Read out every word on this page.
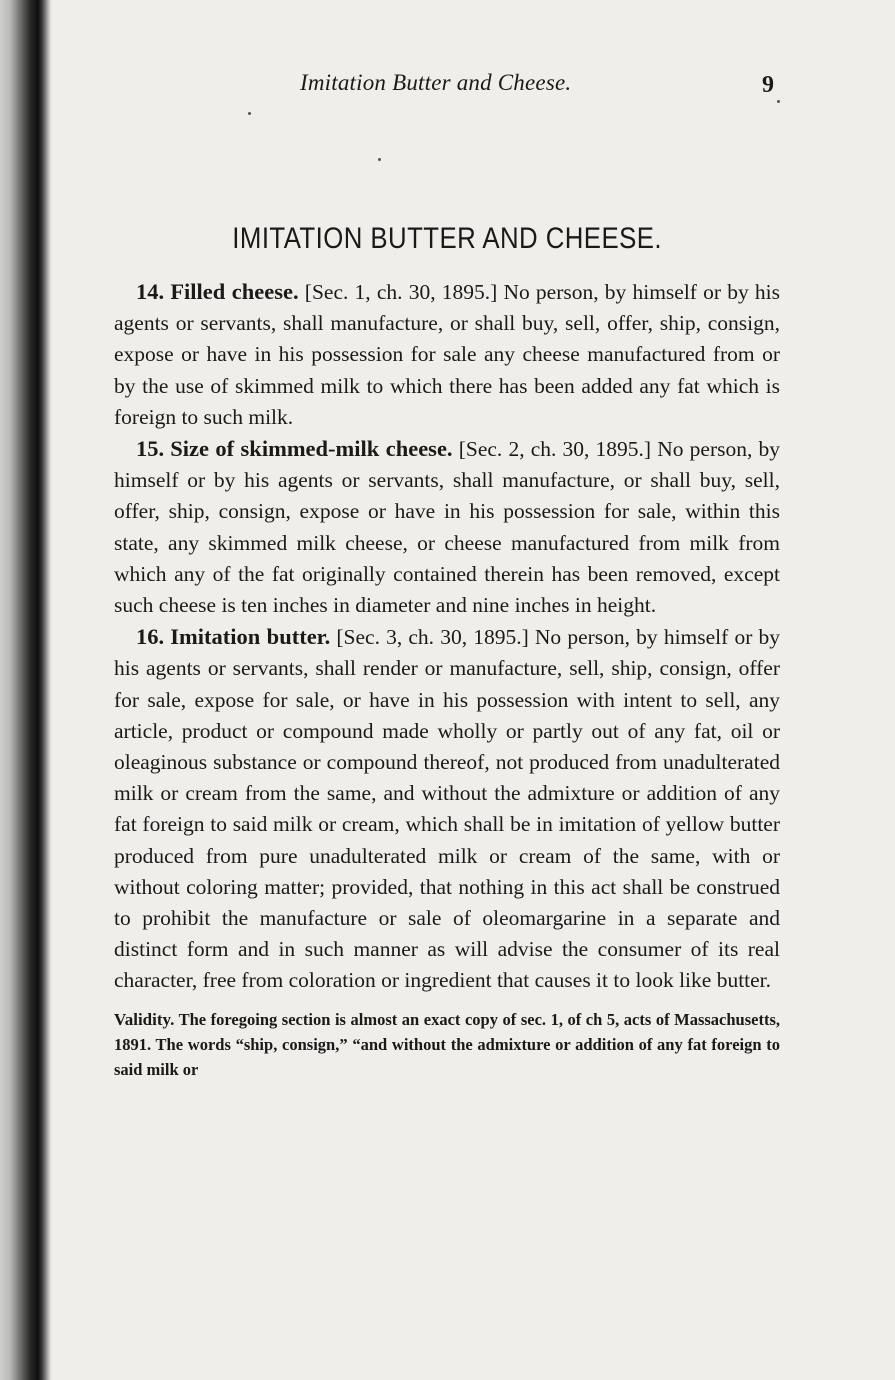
Imitation Butter and Cheese.	9
IMITATION BUTTER AND CHEESE.

14. Filled cheese. [Sec. 1, ch. 30, 1895.] No person, by himself or by his agents or servants, shall manufacture, or shall buy, sell, offer, ship, consign, expose or have in his possession for sale any cheese manufactured from or by the use of skimmed milk to which there has been added any fat which is foreign to such milk.

15. Size of skimmed-milk cheese. [Sec. 2, ch. 30, 1895.] No person, by himself or by his agents or servants, shall manufacture, or shall buy, sell, offer, ship, consign, expose or have in his possession for sale, within this state, any skimmed milk cheese, or cheese manufactured from milk from which any of the fat originally contained therein has been removed, except such cheese is ten inches in diameter and nine inches in height.

16. Imitation butter. [Sec. 3, ch. 30, 1895.] No person, by himself or by his agents or servants, shall render or manufacture, sell, ship, consign, offer for sale, expose for sale, or have in his possession with intent to sell, any article, product or compound made wholly or partly out of any fat, oil or oleaginous substance or compound thereof, not produced from unadulterated milk or cream from the same, and without the admixture or addition of any fat foreign to said milk or cream, which shall be in imitation of yellow butter produced from pure unadulterated milk or cream of the same, with or without coloring matter; provided, that nothing in this act shall be construed to prohibit the manufacture or sale of oleomargarine in a separate and distinct form and in such manner as will advise the consumer of its real character, free from coloration or ingredient that causes it to look like butter.

Validity. The foregoing section is almost an exact copy of sec. 1, of ch 5, acts of Massachusetts, 1891. The words “ship, consign,” “and without the admixture or addition of any fat foreign to said milk or
